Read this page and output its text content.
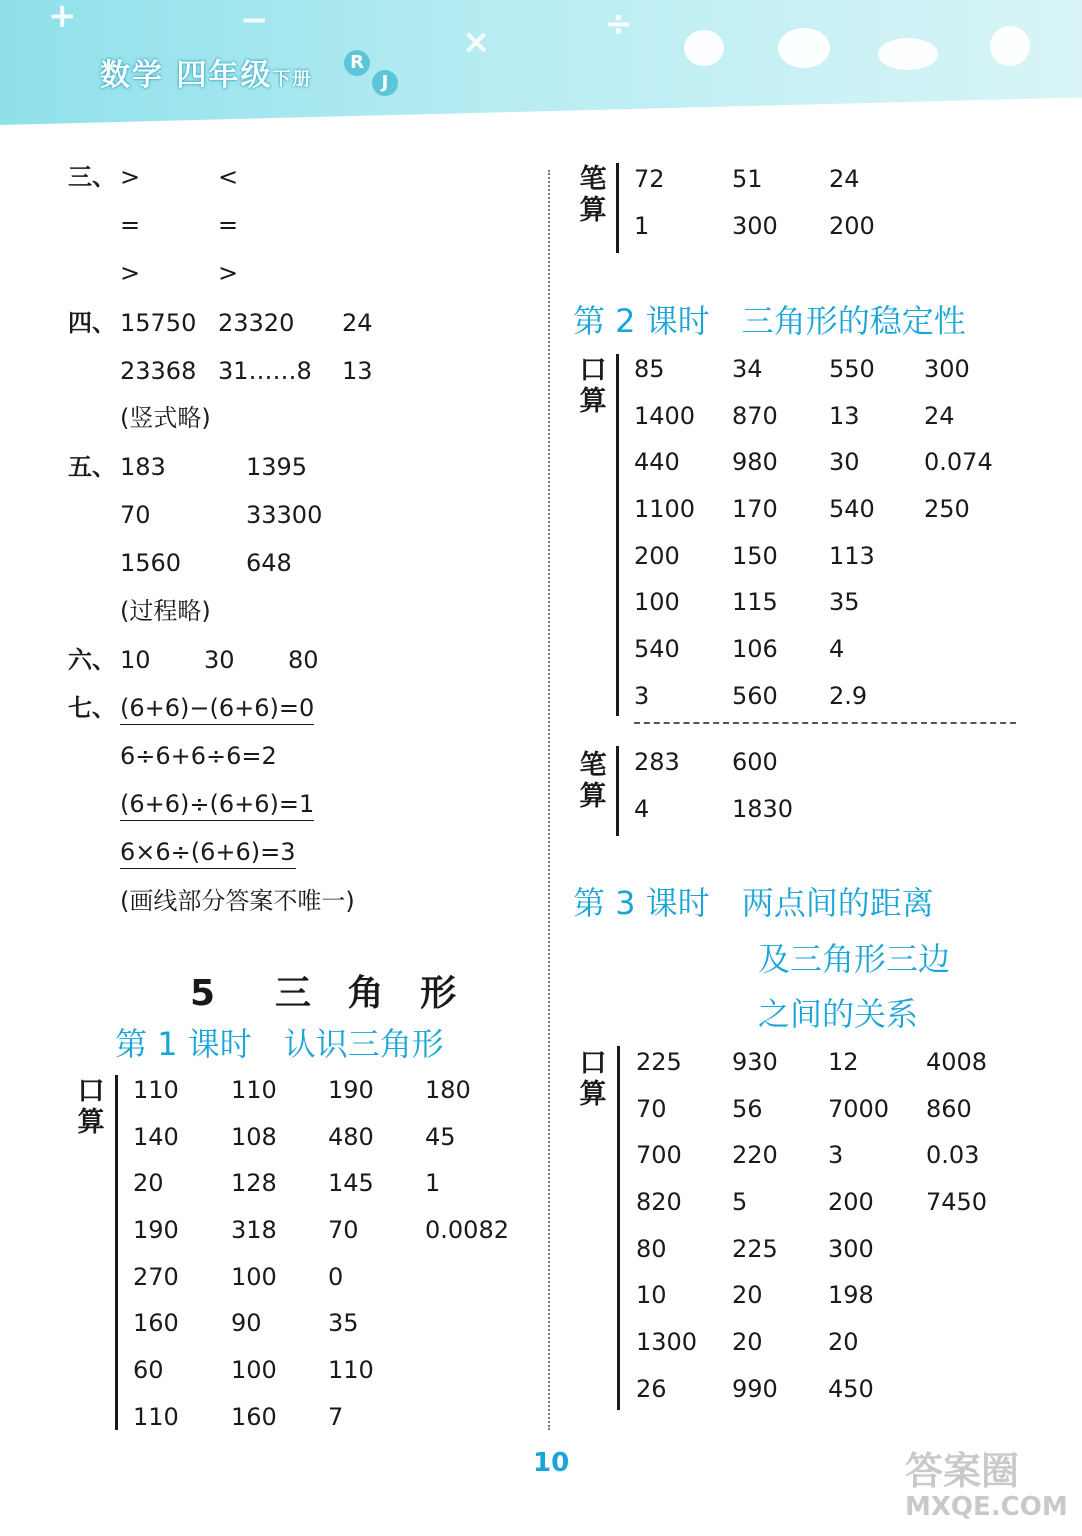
+	−
×	÷
数学 四年级下册
R
J
三、 >	<
=	=
>	>
四、 15750 23320 24
23368 31……8 13
(竖式略)
五、 183	1395
70	33300
1560	648
(过程略)
六、 10 30 80
七、 (6+6)−(6+6)=0
6÷6+6÷6=2
(6+6)÷(6+6)=1
6×6÷(6+6)=3
(画线部分答案不唯一)
5　三 角 形
第 1 课时　认识三角形
口算
110 110 190 180
140 108 480 45
20	128 145 1
190 318 70	0.0082
270 100 0
160 90	35
60	100 110
110 160 7
笔算
72	51	24
1	300 200
第 2 课时　三角形的稳定性
口算
85	34	550 300
1400 870 13	24
440 980 30	0.074
1100 170 540 250
200 150 113
100 115 35
540 106 4
3	560 2.9
笔算
283 600
4	1830
第 3 课时　两点间的距离
及三角形三边
之间的关系
口算
225 930 12	4008
70	56	7000 860
700 220 3	0.03
820 5	200 7450
80	225 300
10	20	198
1300 20	20
26	990 450
10	答案圈
MXQE.COM
